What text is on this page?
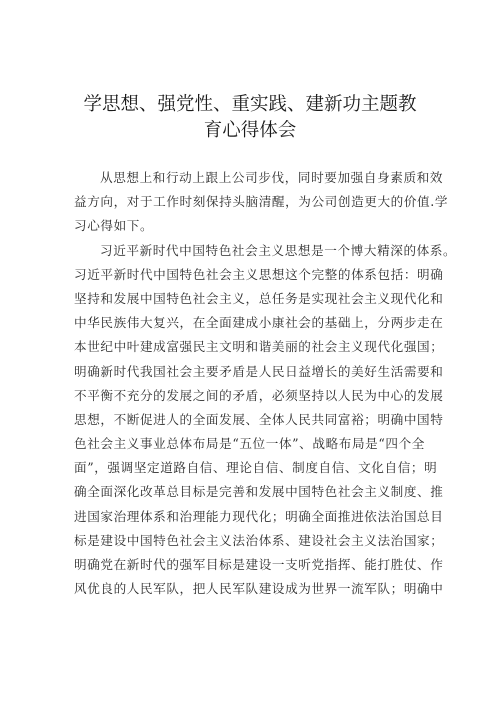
学思想、强党性、重实践、建新功主题教
育心得体会
从思想上和行动上跟上公司步伐，同时要加强自身素质和效
益方向，对于工作时刻保持头脑清醒，为公司创造更大的价值.学
习心得如下。
习近平新时代中国特色社会主义思想是一个博大精深的体系。
习近平新时代中国特色社会主义思想这个完整的体系包括：明确
坚持和发展中国特色社会主义，总任务是实现社会主义现代化和
中华民族伟大复兴，在全面建成小康社会的基础上，分两步走在
本世纪中叶建成富强民主文明和谐美丽的社会主义现代化强国；
明确新时代我国社会主要矛盾是人民日益增长的美好生活需要和
不平衡不充分的发展之间的矛盾，必须坚持以人民为中心的发展
思想，不断促进人的全面发展、全体人民共同富裕；明确中国特
色社会主义事业总体布局是“五位一体”、战略布局是“四个全
面”，强调坚定道路自信、理论自信、制度自信、文化自信；明
确全面深化改革总目标是完善和发展中国特色社会主义制度、推
进国家治理体系和治理能力现代化；明确全面推进依法治国总目
标是建设中国特色社会主义法治体系、建设社会主义法治国家；
明确党在新时代的强军目标是建设一支听党指挥、能打胜仗、作
风优良的人民军队，把人民军队建设成为世界一流军队；明确中
